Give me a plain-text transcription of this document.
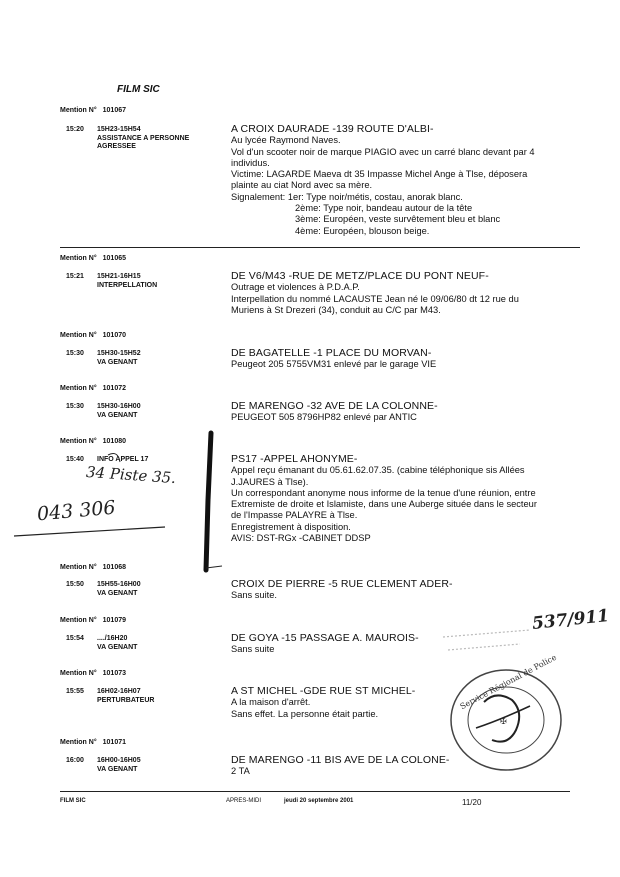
FILM SIC
Mention N° 101067
15:20 15H23-15H54
ASSISTANCE A PERSONNE
AGRESSEE
A CROIX DAURADE -139 ROUTE D'ALBI-
Au lycée Raymond Naves.
Vol d'un scooter noir de marque PIAGIO avec un carré blanc devant par 4
individus.
Victime: LAGARDE Maeva dt 35 Impasse Michel Ange à Tlse, déposera
plainte au ciat Nord avec sa mère.
Signalement: 1er: Type noir/métis, costau, anorak blanc.
2ème: Type noir, bandeau autour de la tête
3ème: Européen, veste survêtement bleu et blanc
4ème: Européen, blouson beige.
Mention N° 101065
15:21 15H21-16H15
INTERPELLATION
DE V6/M43 -RUE DE METZ/PLACE DU PONT NEUF-
Outrage et violences à P.D.A.P.
Interpellation du nommé LACAUSTE Jean né le 09/06/80 dt 12 rue du
Muriens à St Drezeri (34), conduit au C/C par M43.
Mention N° 101070
15:30 15H30-15H52
VA GENANT
DE BAGATELLE -1 PLACE DU MORVAN-
Peugeot 205 5755VM31 enlevé par le garage VIE
Mention N° 101072
15:30 15H30-16H00
VA GENANT
DE MARENGO -32 AVE DE LA COLONNE-
PEUGEOT 505 8796HP82 enlevé par ANTIC
Mention N° 101080
15:40 INFO APPEL 17	PS17 -APPEL AHONYME-
Appel reçu émanant du 05.61.62.07.35. (cabine téléphonique sis Allées
J.JAURES à Tlse).
Un correspondant anonyme nous informe de la tenue d'une réunion, entre
Extremiste de droite et Islamiste, dans une Auberge située dans le secteur
de l'Impasse PALAYRE à Tlse.
Enregistrement à disposition.
AVIS: DST-RGx -CABINET DDSP
Mention N° 101068
15:50 15H55-16H00
VA GENANT
CROIX DE PIERRE -5 RUE CLEMENT ADER-
Sans suite.
Mention N° 101079
15:54 ..../16H20
VA GENANT
DE GOYA -15 PASSAGE A. MAUROIS-
Sans suite
Mention N° 101073
15:55 16H02-16H07
PERTURBATEUR
A ST MICHEL -GDE RUE ST MICHEL-
A la maison d'arrêt.
Sans effet. La personne était partie.
Mention N° 101071
16:00 16H00-16H05
VA GENANT
DE MARENGO -11 BIS AVE DE LA COLONE-
2 TA
FILM SIC	APRES-MIDI	jeudi 20 septembre 2001	11/20
34 Piste 35.
043 306
537/911
Service Régional de Police
✠
